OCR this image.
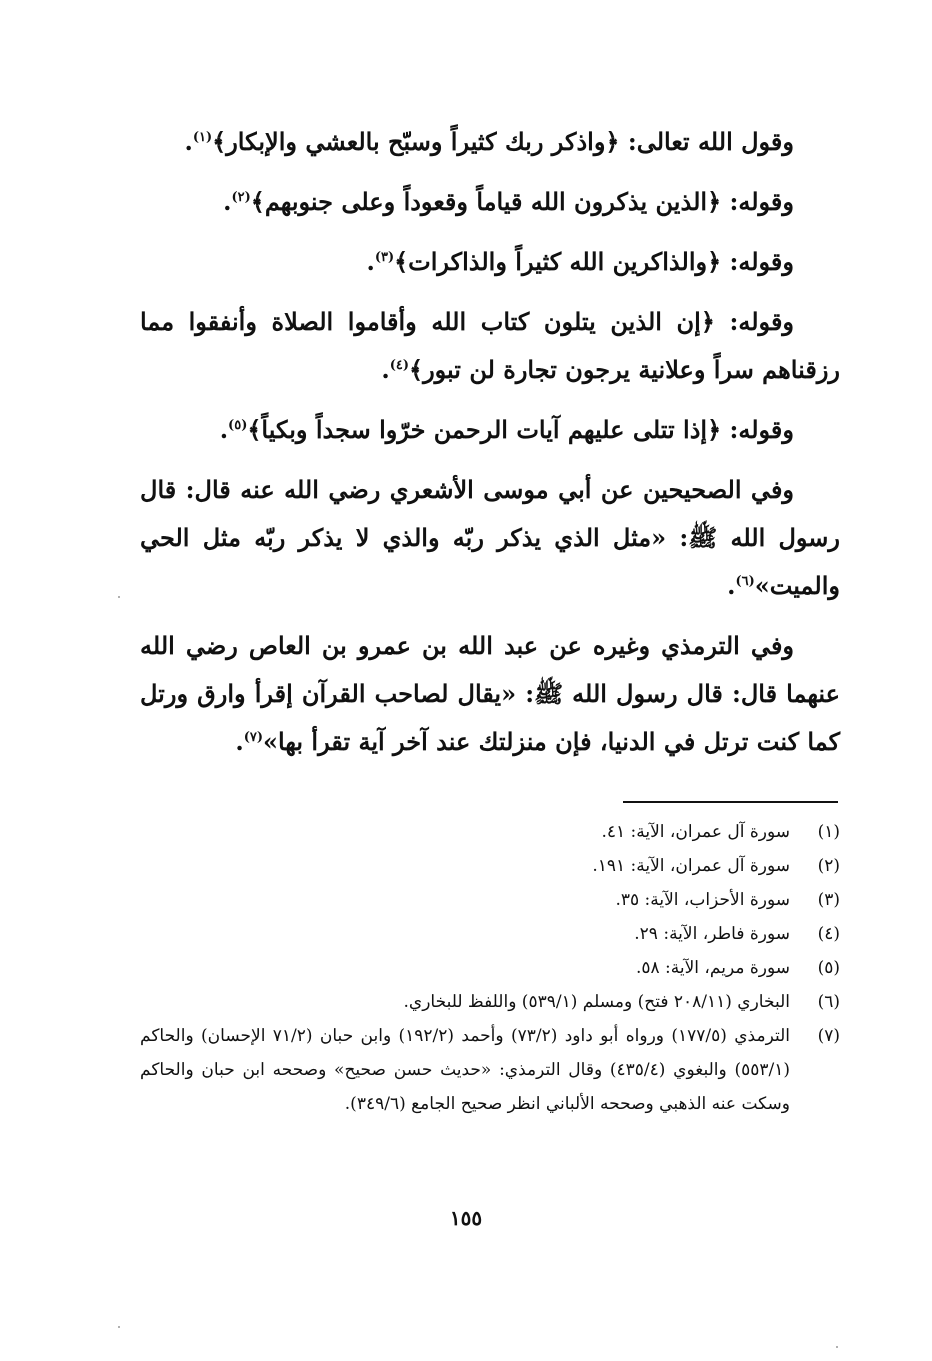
وقول الله تعالى: ﴿واذكر ربك كثيراً وسبّح بالعشي والإبكار﴾$^{(١)}$.

وقوله: ﴿الذين يذكرون الله قياماً وقعوداً وعلى جنوبهم﴾$^{(٢)}$.

وقوله: ﴿والذاكرين الله كثيراً والذاكرات﴾$^{(٣)}$.

وقوله: ﴿إن الذين يتلون كتاب الله وأقاموا الصلاة وأنفقوا مما رزقناهم سراً وعلانية يرجون تجارة لن تبور﴾$^{(٤)}$.

وقوله: ﴿إذا تتلى عليهم آيات الرحمن خرّوا سجداً وبكياً﴾$^{(٥)}$.

وفي الصحيحين عن أبي موسى الأشعري رضي الله عنه قال: قال رسول الله ﷺ: «مثل الذي يذكر ربّه والذي لا يذكر ربّه مثل الحي والميت»$^{(٦)}$.

وفي الترمذي وغيره عن عبد الله بن عمرو بن العاص رضي الله عنهما قال: قال رسول الله ﷺ: «يقال لصاحب القرآن إقرأ وارق ورتل كما كنت ترتل في الدنيا، فإن منزلتك عند آخر آية تقرأ بها»$^{(٧)}$.

(١)
سورة آل عمران، الآية: ٤١.
(٢)
سورة آل عمران، الآية: ١٩١.
(٣)
سورة الأحزاب، الآية: ٣٥.
(٤)
سورة فاطر، الآية: ٢٩.
(٥)
سورة مريم، الآية: ٥٨.
(٦)
البخاري (٢٠٨/١١ فتح) ومسلم (٥٣٩/١) واللفظ للبخاري.
(٧)
الترمذي (١٧٧/٥) ورواه أبو داود (٧٣/٢) وأحمد (١٩٢/٢) وابن حبان (٧١/٢ الإحسان) والحاكم (٥٥٣/١) والبغوي (٤٣٥/٤) وقال الترمذي: «حديث حسن صحيح» وصححه ابن حبان والحاكم وسكت عنه الذهبي وصححه الألباني انظر صحيح الجامع (٣٤٩/٦).
١٥٥
